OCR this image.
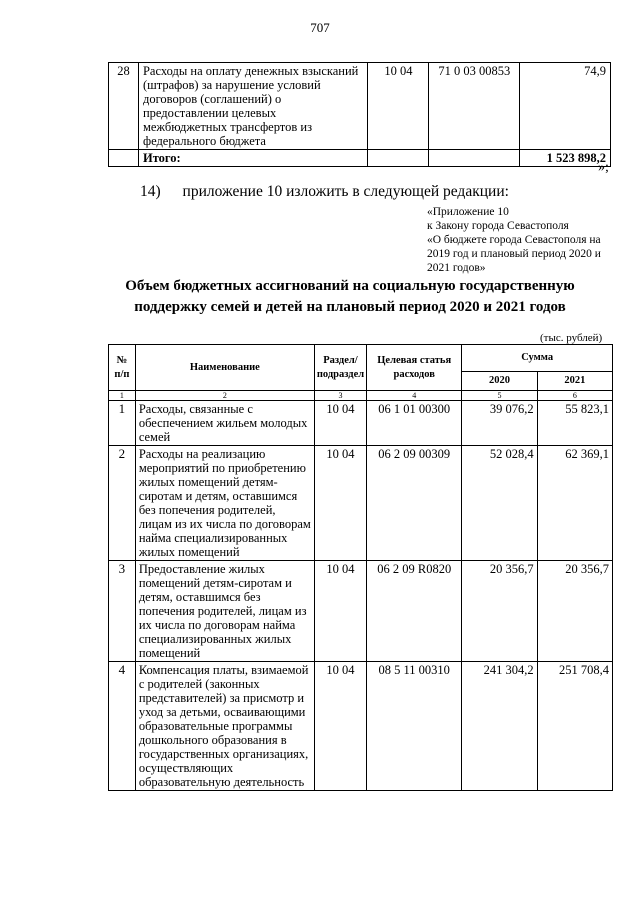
707
28	Расходы на оплату денежных взысканий (штрафов) за нарушение условий договоров (соглашений) о предоставлении целевых межбюджетных трансфертов из федерального бюджета	10 04	71 0 03 00853	74,9
	Итого:			1 523 898,2
»;
14) приложение 10 изложить в следующей редакции:
«Приложение 10
к Закону города Севастополя
«О бюджете города Севастополя на 2019 год и плановый период 2020 и 2021 годов»
Объем бюджетных ассигнований на социальную государственную поддержку семей и детей на плановый период 2020 и 2021 годов
(тыс. рублей)
№ п/п	Наименование	Раздел/ подраздел	Целевая статья расходов	Сумма	
				2020	2021
1	2	3	4	5	6
1	Расходы, связанные с обеспечением жильем молодых семей	10 04	06 1 01 00300	39 076,2	55 823,1
2	Расходы на реализацию мероприятий по приобретению жилых помещений детям-сиротам и детям, оставшимся без попечения родителей, лицам из их числа по договорам найма специализированных жилых помещений	10 04	06 2 09 00309	52 028,4	62 369,1
3	Предоставление жилых помещений детям-сиротам и детям, оставшимся без попечения родителей, лицам из их числа по договорам найма специализированных жилых помещений	10 04	06 2 09 R0820	20 356,7	20 356,7
4	Компенсация платы, взимаемой с родителей (законных представителей) за присмотр и уход за детьми, осваивающими образовательные программы дошкольного образования в государственных организациях, осуществляющих образовательную деятельность	10 04	08 5 11 00310	241 304,2	251 708,4
